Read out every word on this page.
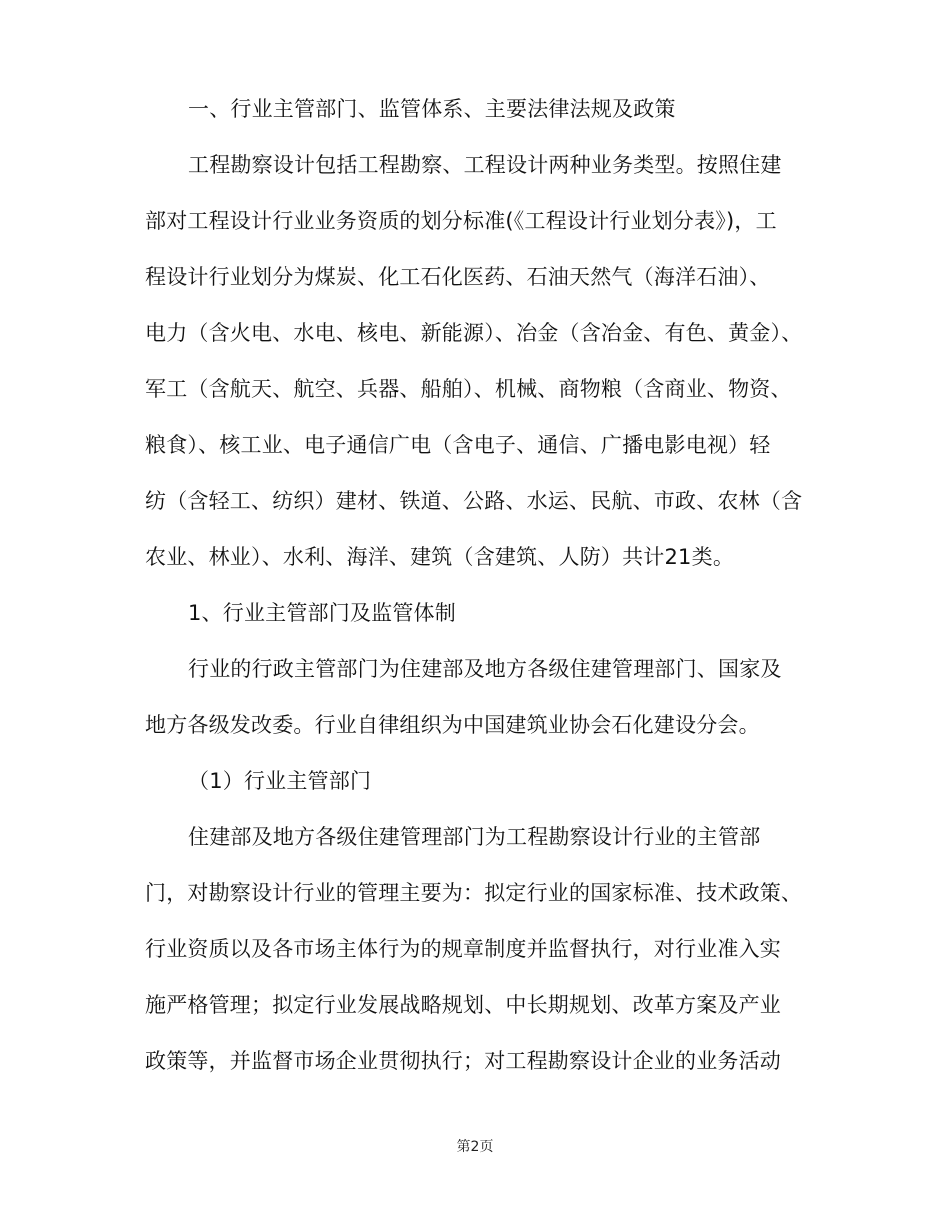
一、行业主管部门、监管体系、主要法律法规及政策
工程勘察设计包括工程勘察、工程设计两种业务类型。按照住建
部对工程设计行业业务资质的划分标准(《工程设计行业划分表》)，工
程设计行业划分为煤炭、化工石化医药、石油天然气（海洋石油）、
电力（含火电、水电、核电、新能源）、冶金（含冶金、有色、黄金）、
军工（含航天、航空、兵器、船舶）、机械、商物粮（含商业、物资、
粮食）、核工业、电子通信广电（含电子、通信、广播电影电视）轻
纺（含轻工、纺织）建材、铁道、公路、水运、民航、市政、农林（含
农业、林业）、水利、海洋、建筑（含建筑、人防）共计21类。
1、行业主管部门及监管体制
行业的行政主管部门为住建部及地方各级住建管理部门、国家及
地方各级发改委。行业自律组织为中国建筑业协会石化建设分会。
（1）行业主管部门
住建部及地方各级住建管理部门为工程勘察设计行业的主管部
门，对勘察设计行业的管理主要为：拟定行业的国家标准、技术政策、
行业资质以及各市场主体行为的规章制度并监督执行，对行业准入实
施严格管理；拟定行业发展战略规划、中长期规划、改革方案及产业
政策等，并监督市场企业贯彻执行；对工程勘察设计企业的业务活动
第2页
